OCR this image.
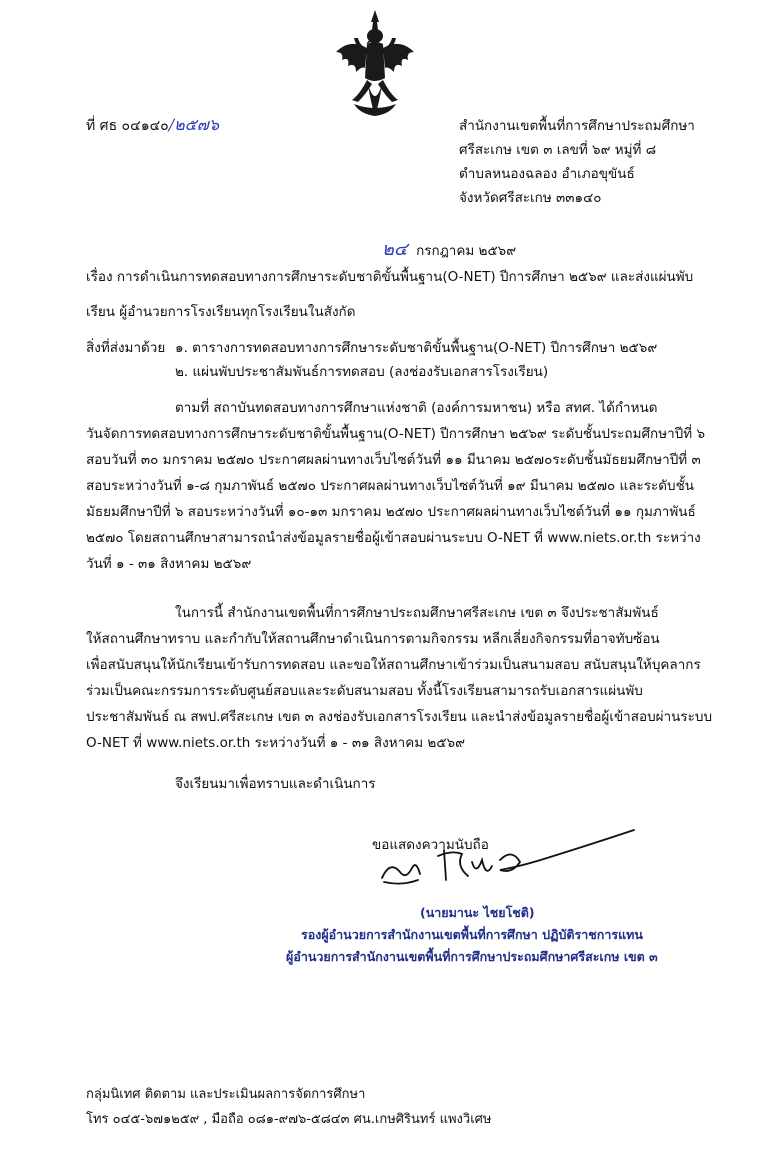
ที่ ศธ ๐๔๑๔๐/๒๕๗๖	สำนักงานเขตพื้นที่การศึกษาประถมศึกษา
ศรีสะเกษ เขต ๓ เลขที่ ๖๙ หมู่ที่ ๘
ตำบลหนองฉลอง อำเภอขุขันธ์
จังหวัดศรีสะเกษ ๓๓๑๔๐
๒๔ กรกฎาคม ๒๕๖๙
เรื่อง การดำเนินการทดสอบทางการศึกษาระดับชาติขั้นพื้นฐาน(O-NET) ปีการศึกษา ๒๕๖๙ และส่งแผ่นพับ
เรียน ผู้อำนวยการโรงเรียนทุกโรงเรียนในสังกัด
สิ่งที่ส่งมาด้วย ๑. ตารางการทดสอบทางการศึกษาระดับชาติขั้นพื้นฐาน(O-NET) ปีการศึกษา ๒๕๖๙
๒. แผ่นพับประชาสัมพันธ์การทดสอบ (ลงช่องรับเอกสารโรงเรียน)
ตามที่ สถาบันทดสอบทางการศึกษาแห่งชาติ (องค์การมหาชน) หรือ สทศ. ได้กำหนด
วันจัดการทดสอบทางการศึกษาระดับชาติขั้นพื้นฐาน(O-NET) ปีการศึกษา ๒๕๖๙ ระดับชั้นประถมศึกษาปีที่ ๖
สอบวันที่ ๓๐ มกราคม ๒๕๗๐ ประกาศผลผ่านทางเว็บไซต์วันที่ ๑๑ มีนาคม ๒๕๗๐ระดับชั้นมัธยมศึกษาปีที่ ๓
สอบระหว่างวันที่ ๑-๘ กุมภาพันธ์ ๒๕๗๐ ประกาศผลผ่านทางเว็บไซต์วันที่ ๑๙ มีนาคม ๒๕๗๐ และระดับชั้น
มัธยมศึกษาปีที่ ๖ สอบระหว่างวันที่ ๑๐-๑๓ มกราคม ๒๕๗๐ ประกาศผลผ่านทางเว็บไซต์วันที่ ๑๑ กุมภาพันธ์
๒๕๗๐ โดยสถานศึกษาสามารถนำส่งข้อมูลรายชื่อผู้เข้าสอบผ่านระบบ O-NET ที่ www.niets.or.th ระหว่าง
วันที่ ๑ - ๓๑ สิงหาคม ๒๕๖๙
ในการนี้ สำนักงานเขตพื้นที่การศึกษาประถมศึกษาศรีสะเกษ เขต ๓ จึงประชาสัมพันธ์
ให้สถานศึกษาทราบ และกำกับให้สถานศึกษาดำเนินการตามกิจกรรม หลีกเลี่ยงกิจกรรมที่อาจทับซ้อน
เพื่อสนับสนุนให้นักเรียนเข้ารับการทดสอบ และขอให้สถานศึกษาเข้าร่วมเป็นสนามสอบ สนับสนุนให้บุคลากร
ร่วมเป็นคณะกรรมการระดับศูนย์สอบและระดับสนามสอบ ทั้งนี้โรงเรียนสามารถรับเอกสารแผ่นพับ
ประชาสัมพันธ์ ณ สพป.ศรีสะเกษ เขต ๓ ลงช่องรับเอกสารโรงเรียน และนำส่งข้อมูลรายชื่อผู้เข้าสอบผ่านระบบ
O-NET ที่ www.niets.or.th ระหว่างวันที่ ๑ - ๓๑ สิงหาคม ๒๕๖๙
จึงเรียนมาเพื่อทราบและดำเนินการ
ขอแสดงความนับถือ
(นายมานะ ไชยโชติ)
รองผู้อำนวยการสำนักงานเขตพื้นที่การศึกษา ปฏิบัติราชการแทน
ผู้อำนวยการสำนักงานเขตพื้นที่การศึกษาประถมศึกษาศรีสะเกษ เขต ๓
กลุ่มนิเทศ ติดตาม และประเมินผลการจัดการศึกษา
โทร ๐๔๕-๖๗๑๒๕๙ , มือถือ ๐๘๑-๙๗๖-๕๘๔๓ ศน.เกษศิรินทร์ แพงวิเศษ
